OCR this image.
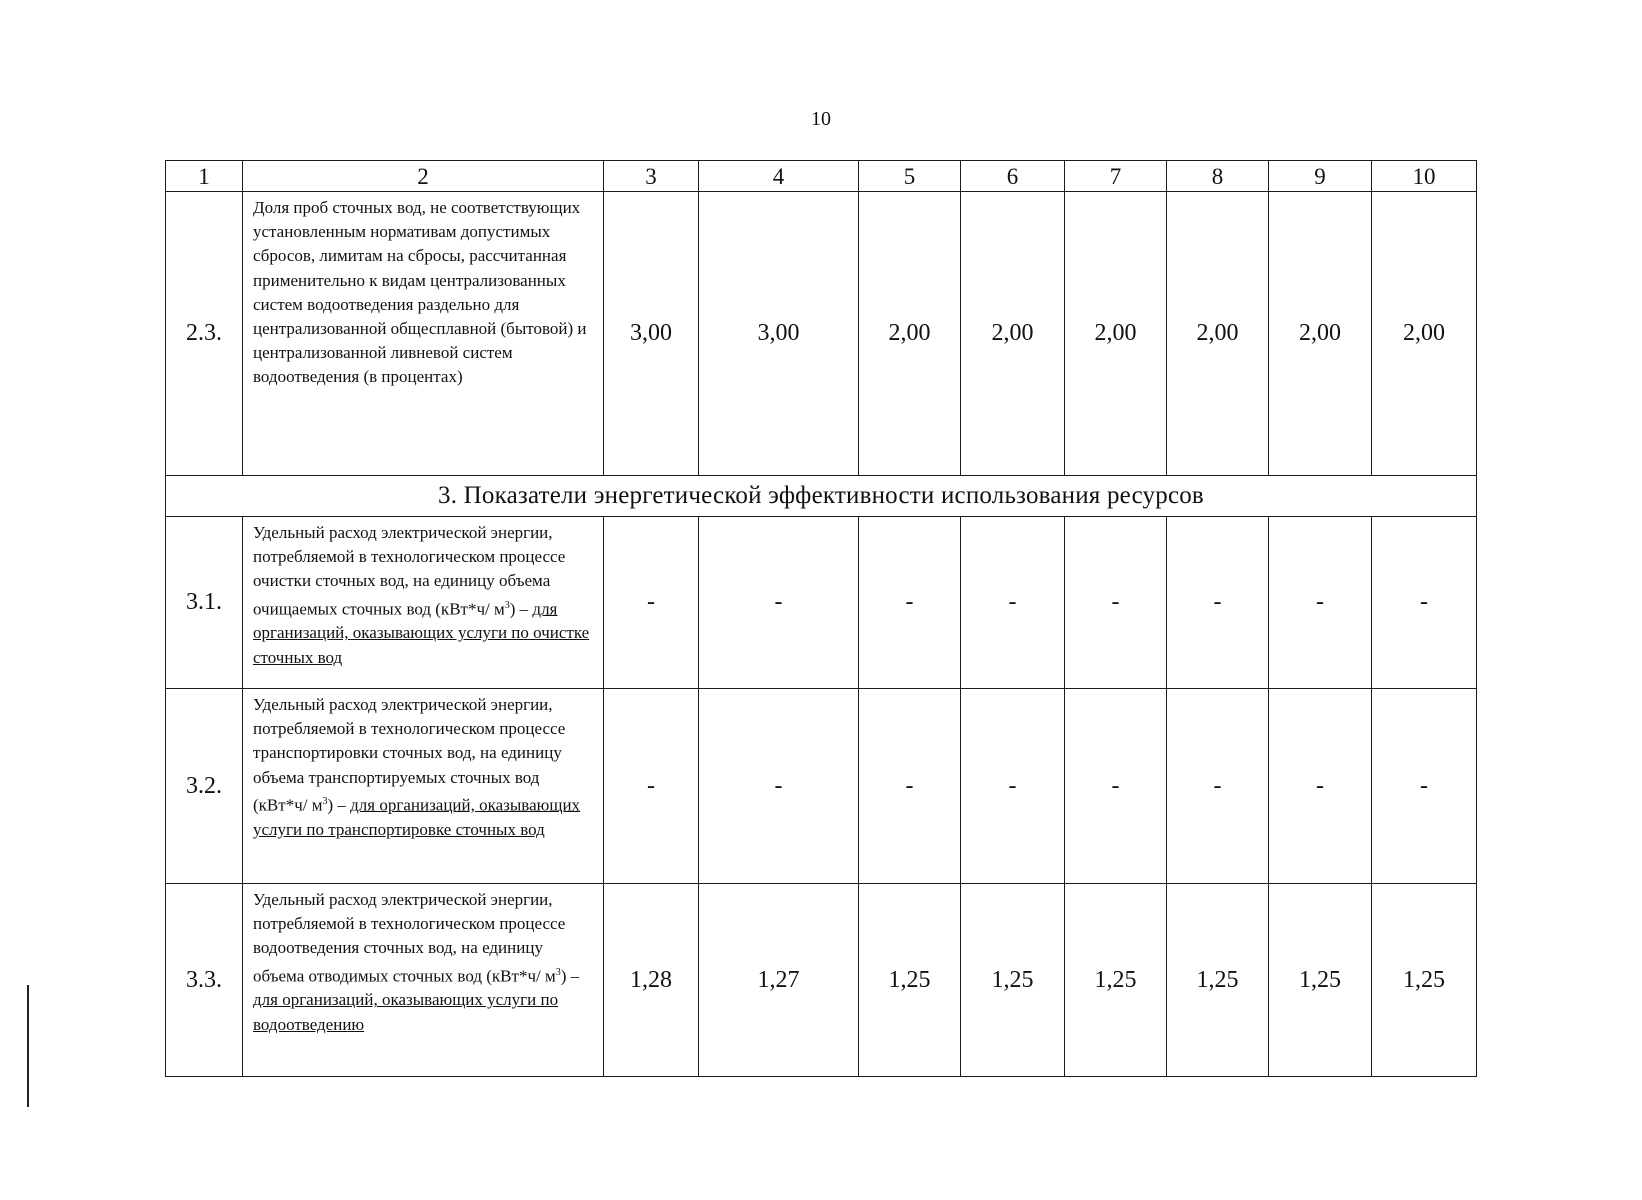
10
1	2	3	4	5	6	7	8	9	10
2.3.	Доля проб сточных вод, не соответствующих установленным нормативам допустимых сбросов, лимитам на сбросы, рассчитанная применительно к видам централизованных систем водоотведения раздельно для централизованной общесплавной (бытовой) и централизованной ливневой систем водоотведения (в процентах)	3,00	3,00	2,00	2,00	2,00	2,00	2,00	2,00
3. Показатели энергетической эффективности использования ресурсов									
3.1.	Удельный расход электрической энергии, потребляемой в технологическом процессе очистки сточных вод, на единицу объема очищаемых сточных вод (кВт*ч/ $м^3$) – для организаций, оказывающих услуги по очистке сточных вод	-	-	-	-	-	-	-	-
3.2.	Удельный расход электрической энергии, потребляемой в технологическом процессе транспортировки сточных вод, на единицу объема транспортируемых сточных вод (кВт*ч/ $м^3$) – для организаций, оказывающих услуги по транспортировке сточных вод	-	-	-	-	-	-	-	-
3.3.	Удельный расход электрической энергии, потребляемой в технологическом процессе водоотведения сточных вод, на единицу объема отводимых сточных вод (кВт*ч/ $м^3$) – для организаций, оказывающих услуги по водоотведению	1,28	1,27	1,25	1,25	1,25	1,25	1,25	1,25
